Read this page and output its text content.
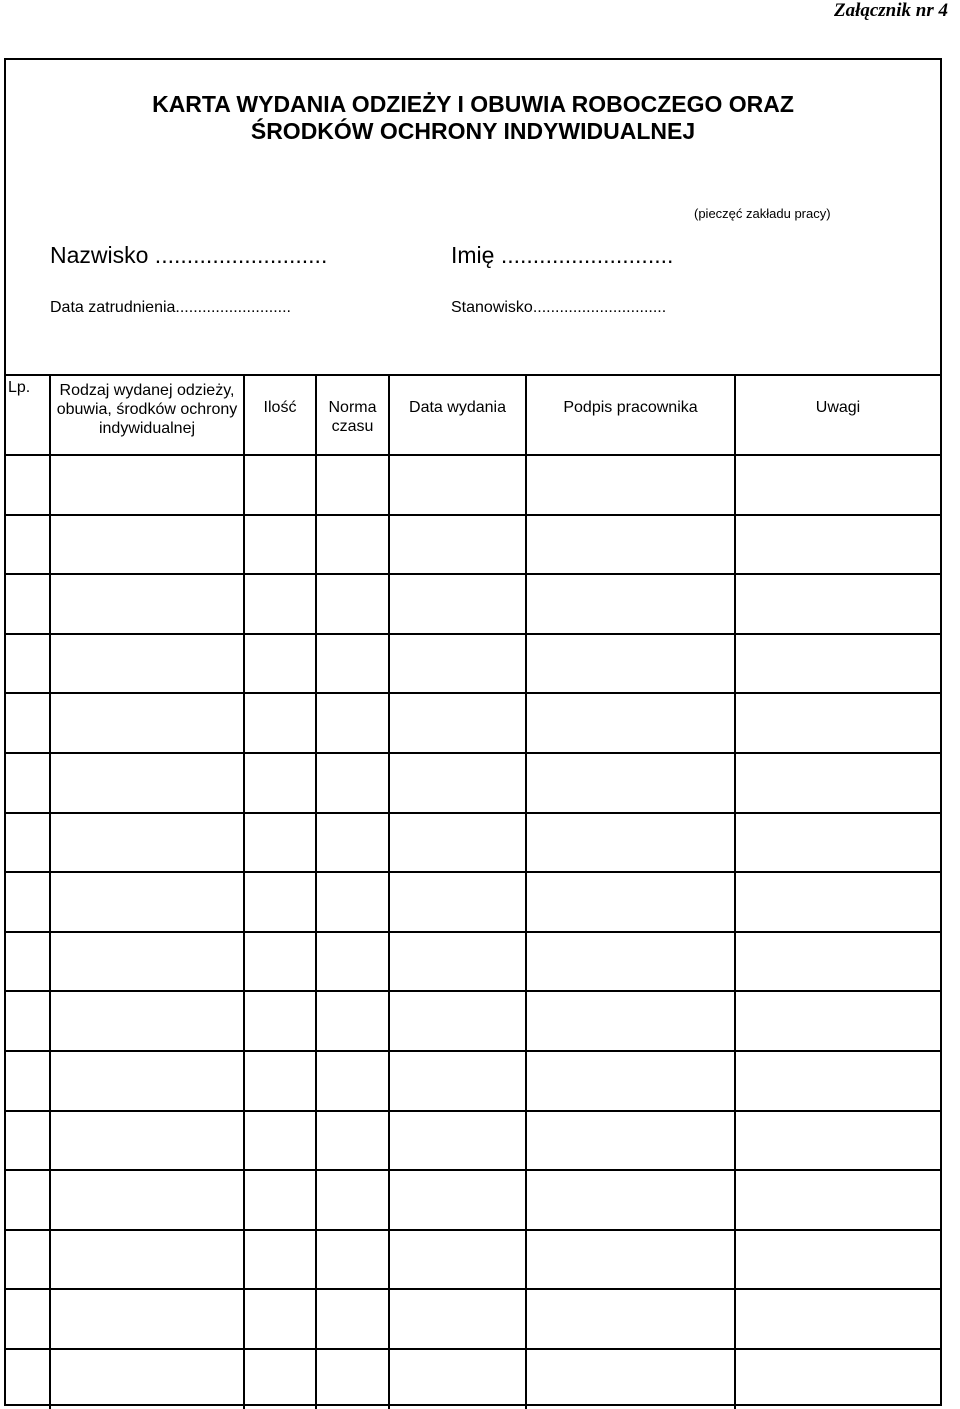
Załącznik nr 4
KARTA WYDANIA ODZIEŻY I OBUWIA ROBOCZEGO ORAZ
ŚRODKÓW OCHRONY INDYWIDUALNEJ
(pieczęć zakładu pracy)
Nazwisko ...........................	Imię ...........................
Data zatrudnienia..........................	Stanowisko..............................
Lp.	Rodzaj wydanej odzieży, obuwia, środków ochrony indywidualnej	Ilość	Norma czasu	Data wydania	Podpis pracownika	Uwagi
